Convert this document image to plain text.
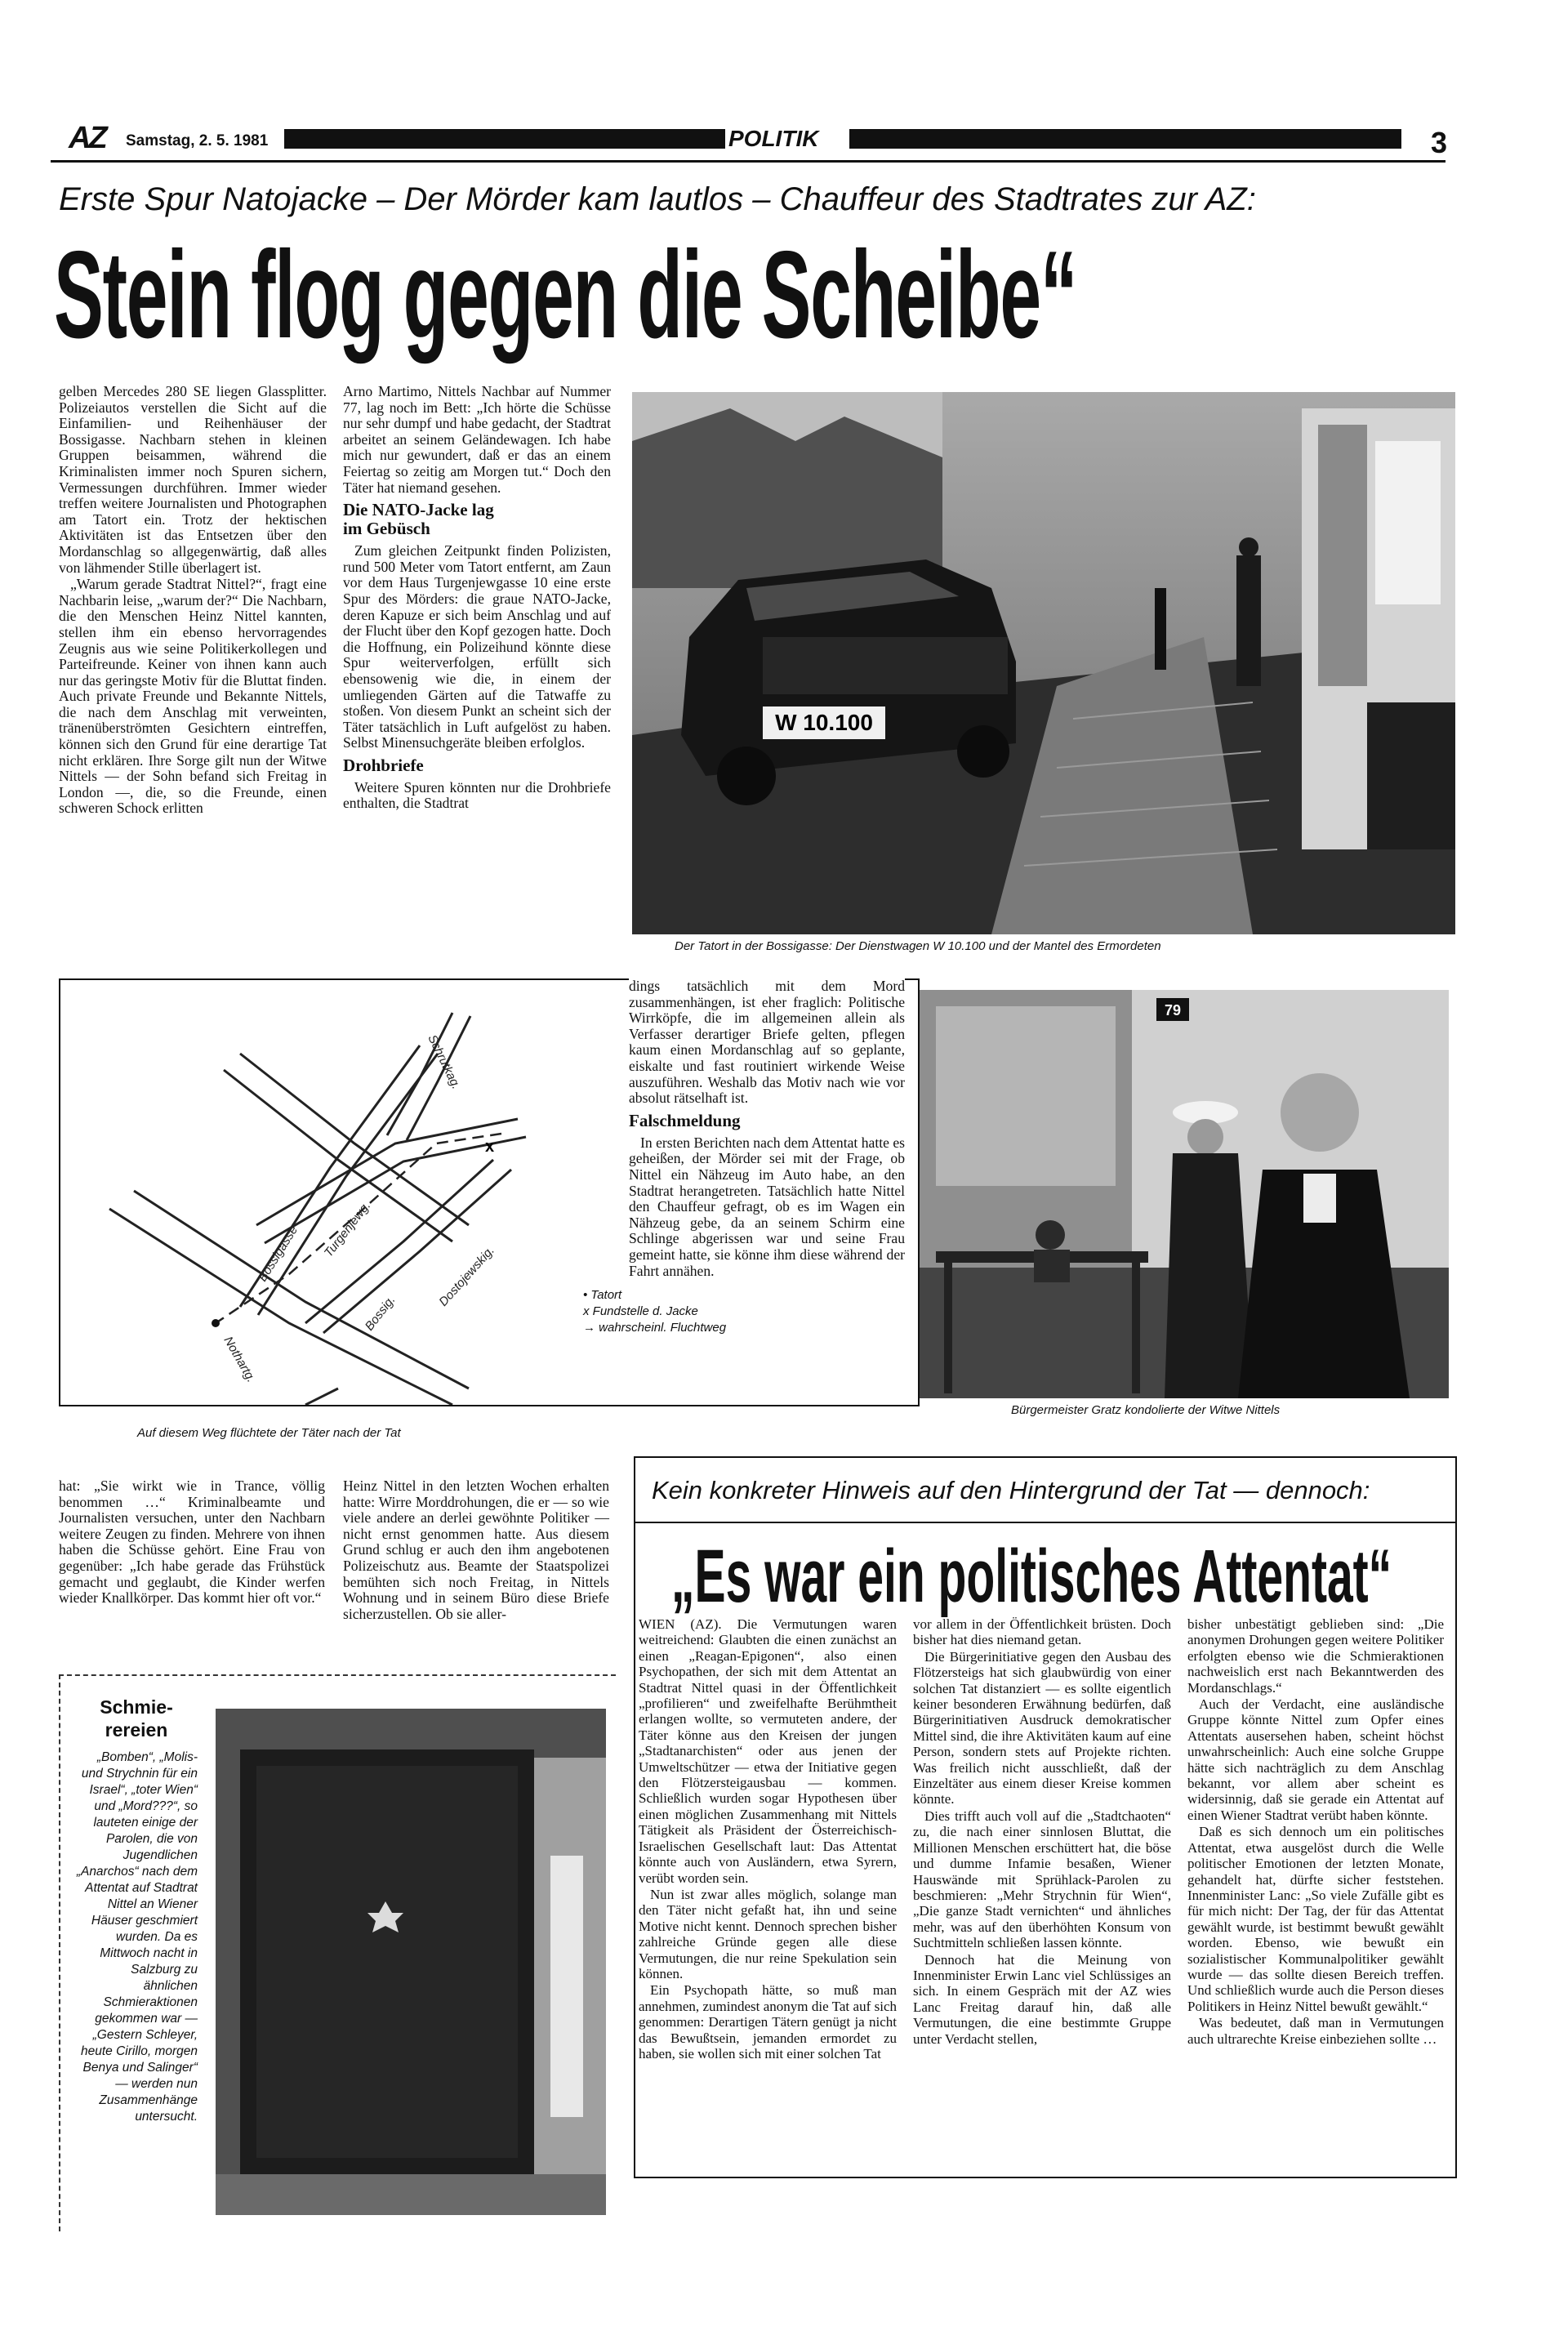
AZ Samstag, 2. 5. 1981	POLITIK	3
Erste Spur Natojacke – Der Mörder kam lautlos – Chauffeur des Stadtrates zur AZ:
Stein flog gegen die Scheibe“

gelben Mercedes 280 SE liegen Glassplitter. Polizeiautos verstellen die Sicht auf die Einfamilien- und Reihenhäuser der Bossigasse. Nachbarn stehen in kleinen Gruppen beisammen, während die Kriminalisten immer noch Spuren sichern, Vermessungen durchführen. Immer wieder treffen weitere Journalisten und Photographen am Tatort ein. Trotz der hektischen Aktivitäten ist das Entsetzen über den Mordanschlag so allgegenwärtig, daß alles von lähmender Stille überlagert ist.

„Warum gerade Stadtrat Nittel?“, fragt eine Nachbarin leise, „warum der?“ Die Nachbarn, die den Menschen Heinz Nittel kannten, stellen ihm ein ebenso hervorragendes Zeugnis aus wie seine Politikerkollegen und Parteifreunde. Keiner von ihnen kann auch nur das geringste Motiv für die Bluttat finden. Auch private Freunde und Bekannte Nittels, die nach dem Anschlag mit verweinten, tränenüberströmten Gesichtern eintreffen, können sich den Grund für eine derartige Tat nicht erklären. Ihre Sorge gilt nun der Witwe Nittels — der Sohn befand sich Freitag in London —, die, so die Freunde, einen schweren Schock erlitten

Arno Martimo, Nittels Nachbar auf Nummer 77, lag noch im Bett: „Ich hörte die Schüsse nur sehr dumpf und habe gedacht, der Stadtrat arbeitet an seinem Geländewagen. Ich habe mich nur gewundert, daß er das an einem Feiertag so zeitig am Morgen tut.“ Doch den Täter hat niemand gesehen.

Die NATO-Jacke lag
im Gebüsch

Zum gleichen Zeitpunkt finden Polizisten, rund 500 Meter vom Tatort entfernt, am Zaun vor dem Haus Turgenjewgasse 10 eine erste Spur des Mörders: die graue NATO-Jacke, deren Kapuze er sich beim Anschlag und auf der Flucht über den Kopf gezogen hatte. Doch die Hoffnung, ein Polizeihund könnte diese Spur weiterverfolgen, erfüllt sich ebensowenig wie die, in einem der umliegenden Gärten auf die Tatwaffe zu stoßen. Von diesem Punkt an scheint sich der Täter tatsächlich in Luft aufgelöst zu haben. Selbst Minensuchgeräte bleiben erfolglos.

Drohbriefe

Weitere Spuren könnten nur die Drohbriefe enthalten, die Stadtrat

W 10.100
Der Tatort in der Bossigasse: Der Dienstwagen W 10.100 und der Mantel des Ermordeten
x
Schrutkag.
Bossigasse Turgenjewg.
Bossig.
Dostojewskig.
Nothartg.
• Tatort
x Fundstelle d. Jacke
→ wahrscheinl. Fluchtweg
Auf diesem Weg flüchtete der Täter nach der Tat

dings tatsächlich mit dem Mord zusammenhängen, ist eher fraglich: Politische Wirrköpfe, die im allgemeinen allein als Verfasser derartiger Briefe gelten, pflegen kaum einen Mordanschlag auf so geplante, eiskalte und fast routiniert wirkende Weise auszuführen. Weshalb das Motiv nach wie vor absolut rätselhaft ist.

Falschmeldung

In ersten Berichten nach dem Attentat hatte es geheißen, der Mörder sei mit der Frage, ob Nittel ein Nähzeug im Auto habe, an den Stadtrat herangetreten. Tatsächlich hatte Nittel den Chauffeur gefragt, ob es im Wagen ein Nähzeug gebe, da an seinem Schirm eine Schlinge abgerissen war und seine Frau gemeint hatte, sie könne ihm diese während der Fahrt annähen.

79
Bürgermeister Gratz kondolierte der Witwe Nittels

hat: „Sie wirkt wie in Trance, völlig benommen …“ Kriminalbeamte und Journalisten versuchen, unter den Nachbarn weitere Zeugen zu finden. Mehrere von ihnen haben die Schüsse gehört. Eine Frau von gegenüber: „Ich habe gerade das Frühstück gemacht und geglaubt, die Kinder werfen wieder Knallkörper. Das kommt hier oft vor.“

Heinz Nittel in den letzten Wochen erhalten hatte: Wirre Morddrohungen, die er — so wie viele andere an derlei gewöhnte Politiker — nicht ernst genommen hatte. Aus diesem Grund schlug er auch den ihm angebotenen Polizeischutz aus. Beamte der Staatspolizei bemühten sich noch Freitag, in Nittels Wohnung und in seinem Büro diese Briefe sicherzustellen. Ob sie aller-

Schmie-
rereien
„Bomben“, „Molis- und Strychnin für ein Israel“, „toter Wien“ und „Mord???“, so lauteten einige der Parolen, die von Jugendlichen „Anarchos“ nach dem Attentat auf Stadtrat Nittel an Wiener Häuser geschmiert wurden. Da es Mittwoch nacht in Salzburg zu ähnlichen Schmieraktionen gekommen war — „Gestern Schleyer, heute Cirillo, morgen Benya und Salinger“ — werden nun Zusammenhänge untersucht.
Kein konkreter Hinweis auf den Hintergrund der Tat — dennoch:
„Es war ein politisches Attentat“

WIEN (AZ). Die Vermutungen waren weitreichend: Glaubten die einen zunächst an einen „Reagan-Epigonen“, also einen Psychopathen, der sich mit dem Attentat an Stadtrat Nittel quasi in der Öffentlichkeit „profilieren“ und zweifelhafte Berühmtheit erlangen wollte, so vermuteten andere, der Täter könne aus den Kreisen der jungen „Stadtanarchisten“ oder aus jenen der Umweltschützer — etwa der Initiative gegen den Flötzersteigausbau — kommen. Schließlich wurden sogar Hypothesen über einen möglichen Zusammenhang mit Nittels Tätigkeit als Präsident der Österreichisch-Israelischen Gesellschaft laut: Das Attentat könnte auch von Ausländern, etwa Syrern, verübt worden sein.

Nun ist zwar alles möglich, solange man den Täter nicht gefaßt hat, ihn und seine Motive nicht kennt. Dennoch sprechen bisher zahlreiche Gründe gegen alle diese Vermutungen, die nur reine Spekulation sein können.

Ein Psychopath hätte, so muß man annehmen, zumindest anonym die Tat auf sich genommen: Derartigen Tätern genügt ja nicht das Bewußtsein, jemanden ermordet zu haben, sie wollen sich mit einer solchen Tat

vor allem in der Öffentlichkeit brüsten. Doch bisher hat dies niemand getan.

Die Bürgerinitiative gegen den Ausbau des Flötzersteigs hat sich glaubwürdig von einer solchen Tat distanziert — es sollte eigentlich keiner besonderen Erwähnung bedürfen, daß Bürgerinitiativen Ausdruck demokratischer Mittel sind, die ihre Aktivitäten kaum auf eine Person, sondern stets auf Projekte richten. Was freilich nicht ausschließt, daß der Einzeltäter aus einem dieser Kreise kommen könnte.

Dies trifft auch voll auf die „Stadtchaoten“ zu, die nach einer sinnlosen Bluttat, die Millionen Menschen erschüttert hat, die böse und dumme Infamie besaßen, Wiener Hauswände mit Sprühlack-Parolen zu beschmieren: „Mehr Strychnin für Wien“, „Die ganze Stadt vernichten“ und ähnliches mehr, was auf den überhöhten Konsum von Suchtmitteln schließen lassen könnte.

Dennoch hat die Meinung von Innenminister Erwin Lanc viel Schlüssiges an sich. In einem Gespräch mit der AZ wies Lanc Freitag darauf hin, daß alle Vermutungen, die eine bestimmte Gruppe unter Verdacht stellen,

bisher unbestätigt geblieben sind: „Die anonymen Drohungen gegen weitere Politiker erfolgten ebenso wie die Schmieraktionen nachweislich erst nach Bekanntwerden des Mordanschlags.“

Auch der Verdacht, eine ausländische Gruppe könnte Nittel zum Opfer eines Attentats ausersehen haben, scheint höchst unwahrscheinlich: Auch eine solche Gruppe hätte sich nachträglich zu dem Anschlag bekannt, vor allem aber scheint es widersinnig, daß sie gerade ein Attentat auf einen Wiener Stadtrat verübt haben könnte.

Daß es sich dennoch um ein politisches Attentat, etwa ausgelöst durch die Welle politischer Emotionen der letzten Monate, gehandelt hat, dürfte sicher feststehen. Innenminister Lanc: „So viele Zufälle gibt es für mich nicht: Der Tag, der für das Attentat gewählt wurde, ist bestimmt bewußt gewählt worden. Ebenso, wie bewußt ein sozialistischer Kommunalpolitiker gewählt wurde — das sollte diesen Bereich treffen. Und schließlich wurde auch die Person dieses Politikers in Heinz Nittel bewußt gewählt.“

Was bedeutet, daß man in Vermutungen auch ultrarechte Kreise einbeziehen sollte …
